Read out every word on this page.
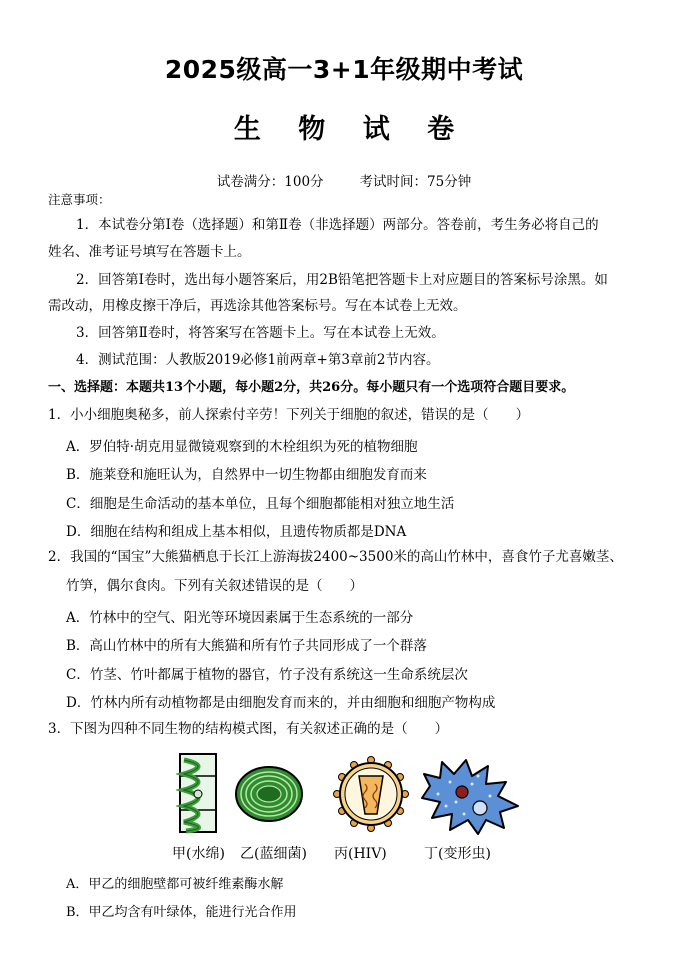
2025级高一3+1年级期中考试
生 物 试 卷
试卷满分：100分	考试时间：75分钟
注意事项：
1．本试卷分第Ⅰ卷（选择题）和第Ⅱ卷（非选择题）两部分。答卷前，考生务必将自己的
姓名、准考证号填写在答题卡上。
2．回答第Ⅰ卷时，选出每小题答案后，用2B铅笔把答题卡上对应题目的答案标号涂黑。如
需改动，用橡皮擦干净后，再选涂其他答案标号。写在本试卷上无效。
3．回答第Ⅱ卷时，将答案写在答题卡上。写在本试卷上无效。
4．测试范围：人教版2019必修1前两章+第3章前2节内容。
一、选择题：本题共13个小题，每小题2分，共26分。每小题只有一个选项符合题目要求。
1．小小细胞奥秘多，前人探索付辛劳！下列关于细胞的叙述，错误的是（　　）
A．罗伯特·胡克用显微镜观察到的木栓组织为死的植物细胞
B．施莱登和施旺认为，自然界中一切生物都由细胞发育而来
C．细胞是生命活动的基本单位，且每个细胞都能相对独立地生活
D．细胞在结构和组成上基本相似，且遗传物质都是DNA
2．我国的“国宝”大熊猫栖息于长江上游海拔2400~3500米的高山竹林中，喜食竹子尤喜嫩茎、
竹笋，偶尔食肉。下列有关叙述错误的是（　　）
A．竹林中的空气、阳光等环境因素属于生态系统的一部分
B．高山竹林中的所有大熊猫和所有竹子共同形成了一个群落
C．竹茎、竹叶都属于植物的器官，竹子没有系统这一生命系统层次
D．竹林内所有动植物都是由细胞发育而来的，并由细胞和细胞产物构成
3．下图为四种不同生物的结构模式图，有关叙述正确的是（　　）
甲(水绵) 乙(蓝细菌) 丙(HIV)	丁(变形虫)
A．甲乙的细胞壁都可被纤维素酶水解
B．甲乙均含有叶绿体，能进行光合作用
